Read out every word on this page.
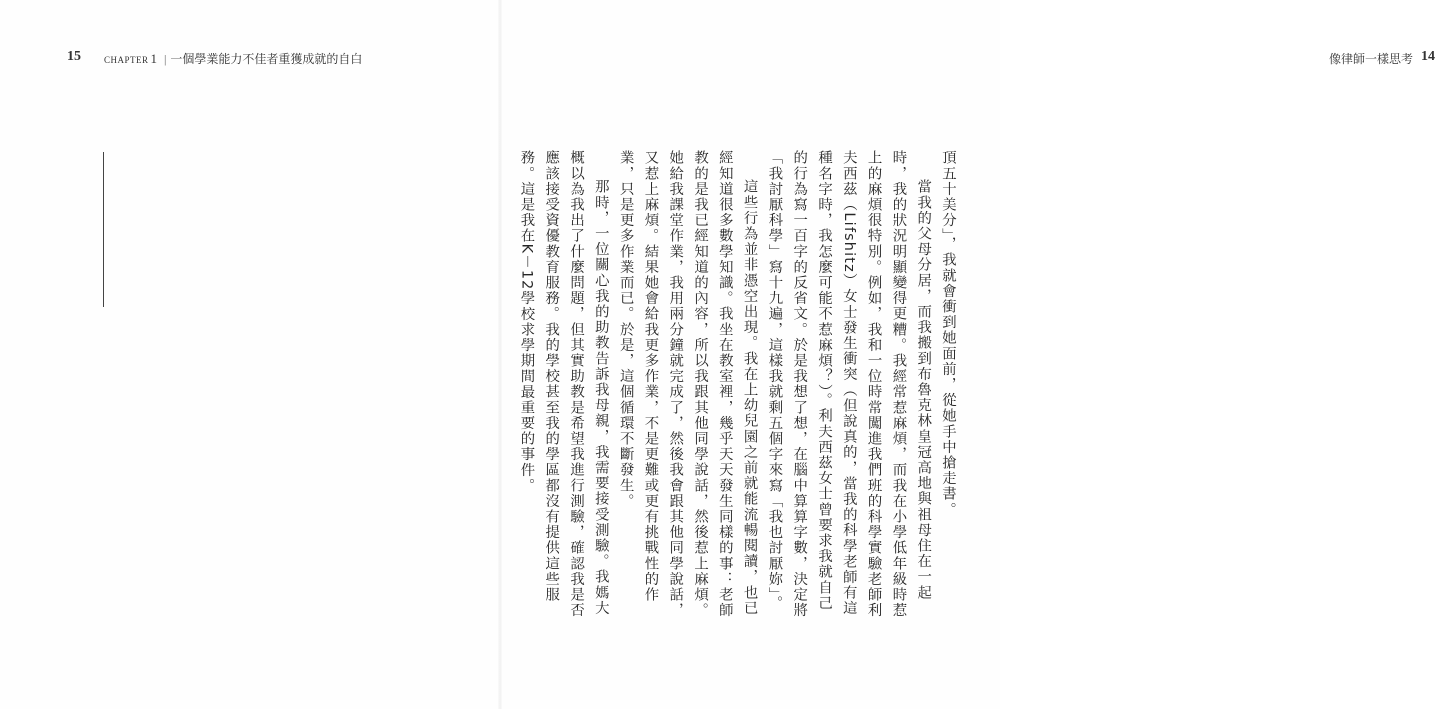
15	CHAPTER 1 | 一個學業能力不佳者重獲成就的自白	像律師一樣思考 14

頂五十美分」，我就會衝到她面前，從她手中搶走書。

當我的父母分居，而我搬到布魯克林皇冠高地與祖母住在一起時，我的狀況明顯變得更糟。我經常惹麻煩，而我在小學低年級時惹上的麻煩很特別。例如，我和一位時常闖進我們班的科學實驗老師利夫西茲（Lifshitz）女士發生衝突（但說真的，當我的科學老師有這種名字時，我怎麼可能不惹麻煩？）。利夫西茲女士曾要求我就自己的行為寫一百字的反省文。於是我想了想，在腦中算算字數，決定將「我討厭科學」寫十九遍，這樣我就剩五個字來寫「我也討厭妳」。

這些行為並非憑空出現。我在上幼兒園之前就能流暢閱讀，也已經知道很多數學知識。我坐在教室裡，幾乎天天發生同樣的事：老師教的是我已經知道的內容，所以我跟其他同學說話，然後惹上麻煩。她給我課堂作業，我用兩分鐘就完成了，然後我會跟其他同學說話，又惹上麻煩。結果她會給我更多作業，不是更難或更有挑戰性的作業，只是更多作業而已。於是，這個循環不斷發生。

那時，一位關心我的助教告訴我母親，我需要接受測驗。我媽大概以為我出了什麼問題，但其實助教是希望我進行測驗，確認我是否應該接受資優教育服務。我的學校甚至我的學區都沒有提供這些服務。這是我在K－12學校求學期間最重要的事件。
